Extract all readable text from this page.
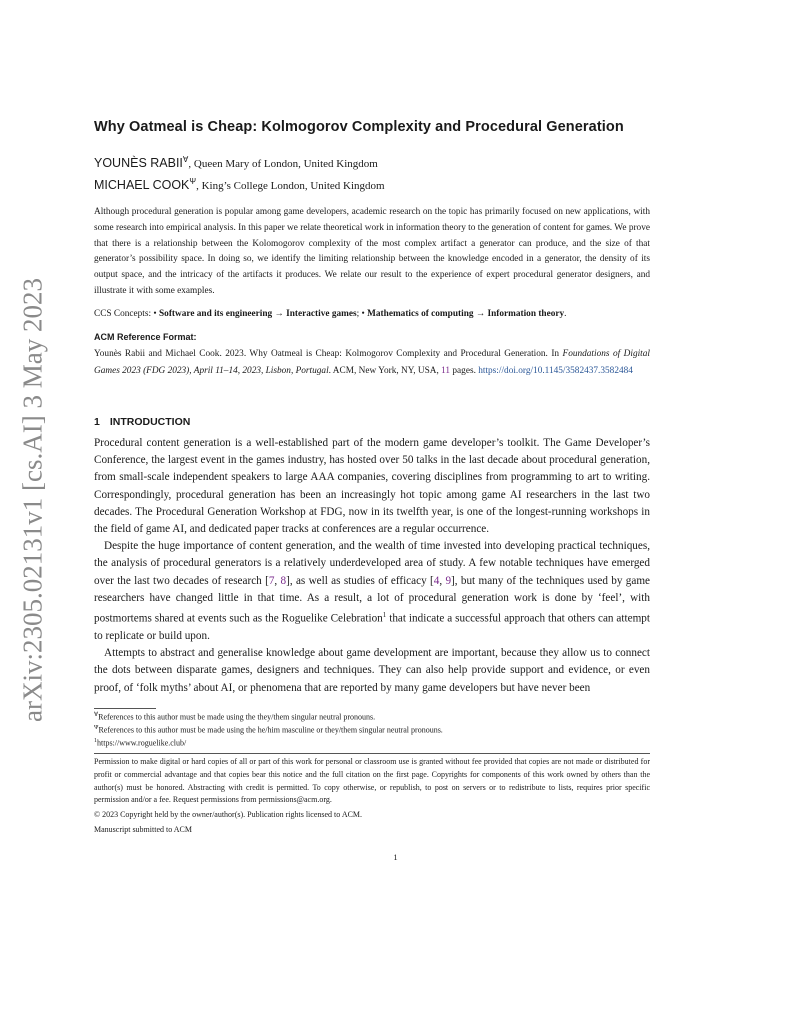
arXiv:2305.02131v1 [cs.AI] 3 May 2023
Why Oatmeal is Cheap: Kolmogorov Complexity and Procedural Generation
YOUNÈS RABII∀, Queen Mary of London, United Kingdom
MICHAEL $COOK^\Psi$, King’s College London, United Kingdom
Although procedural generation is popular among game developers, academic research on the topic has primarily focused on new applications, with some research into empirical analysis. In this paper we relate theoretical work in information theory to the generation of content for games. We prove that there is a relationship between the Kolomogorov complexity of the most complex artifact a generator can produce, and the size of that generator’s possibility space. In doing so, we identify the limiting relationship between the knowledge encoded in a generator, the density of its output space, and the intricacy of the artifacts it produces. We relate our result to the experience of expert procedural generator designers, and illustrate it with some examples.
CCS Concepts: • Software and its engineering → Interactive games; • Mathematics of computing → Information theory.
ACM Reference Format:
Younès Rabii and Michael Cook. 2023. Why Oatmeal is Cheap: Kolmogorov Complexity and Procedural Generation. In Foundations of Digital Games 2023 (FDG 2023), April 11–14, 2023, Lisbon, Portugal. ACM, New York, NY, USA, 11 pages. https://doi.org/10.1145/3582437.3582484
1 INTRODUCTION

Procedural content generation is a well-established part of the modern game developer’s toolkit. The Game Developer’s Conference, the largest event in the games industry, has hosted over 50 talks in the last decade about procedural generation, from small-scale independent speakers to large AAA companies, covering disciplines from programming to art to writing. Correspondingly, procedural generation has been an increasingly hot topic among game AI researchers in the last two decades. The Procedural Generation Workshop at FDG, now in its twelfth year, is one of the longest-running workshops in the field of game AI, and dedicated paper tracks at conferences are a regular occurrence.

Despite the huge importance of content generation, and the wealth of time invested into developing practical techniques, the analysis of procedural generators is a relatively underdeveloped area of study. A few notable techniques have emerged over the last two decades of research [7, 8], as well as studies of efficacy [4, 9], but many of the techniques used by game researchers have changed little in that time. As a result, a lot of procedural generation work is done by ‘feel’, with postmortems shared at events such as the Roguelike Celebration$^1$ that indicate a successful approach that others can attempt to replicate or build upon.

Attempts to abstract and generalise knowledge about game development are important, because they allow us to connect the dots between disparate games, designers and techniques. They can also help provide support and evidence, or even proof, of ‘folk myths’ about AI, or phenomena that are reported by many game developers but have never been

∀References to this author must be made using the they/them singular neutral pronouns.
$^\Psi$References to this author must be made using the he/him masculine or they/them singular neutral pronouns.
$^1$https://www.roguelike.club/
Permission to make digital or hard copies of all or part of this work for personal or classroom use is granted without fee provided that copies are not made or distributed for profit or commercial advantage and that copies bear this notice and the full citation on the first page. Copyrights for components of this work owned by others than the author(s) must be honored. Abstracting with credit is permitted. To copy otherwise, or republish, to post on servers or to redistribute to lists, requires prior specific permission and/or a fee. Request permissions from permissions@acm.org.
© 2023 Copyright held by the owner/author(s). Publication rights licensed to ACM.
Manuscript submitted to ACM
1
